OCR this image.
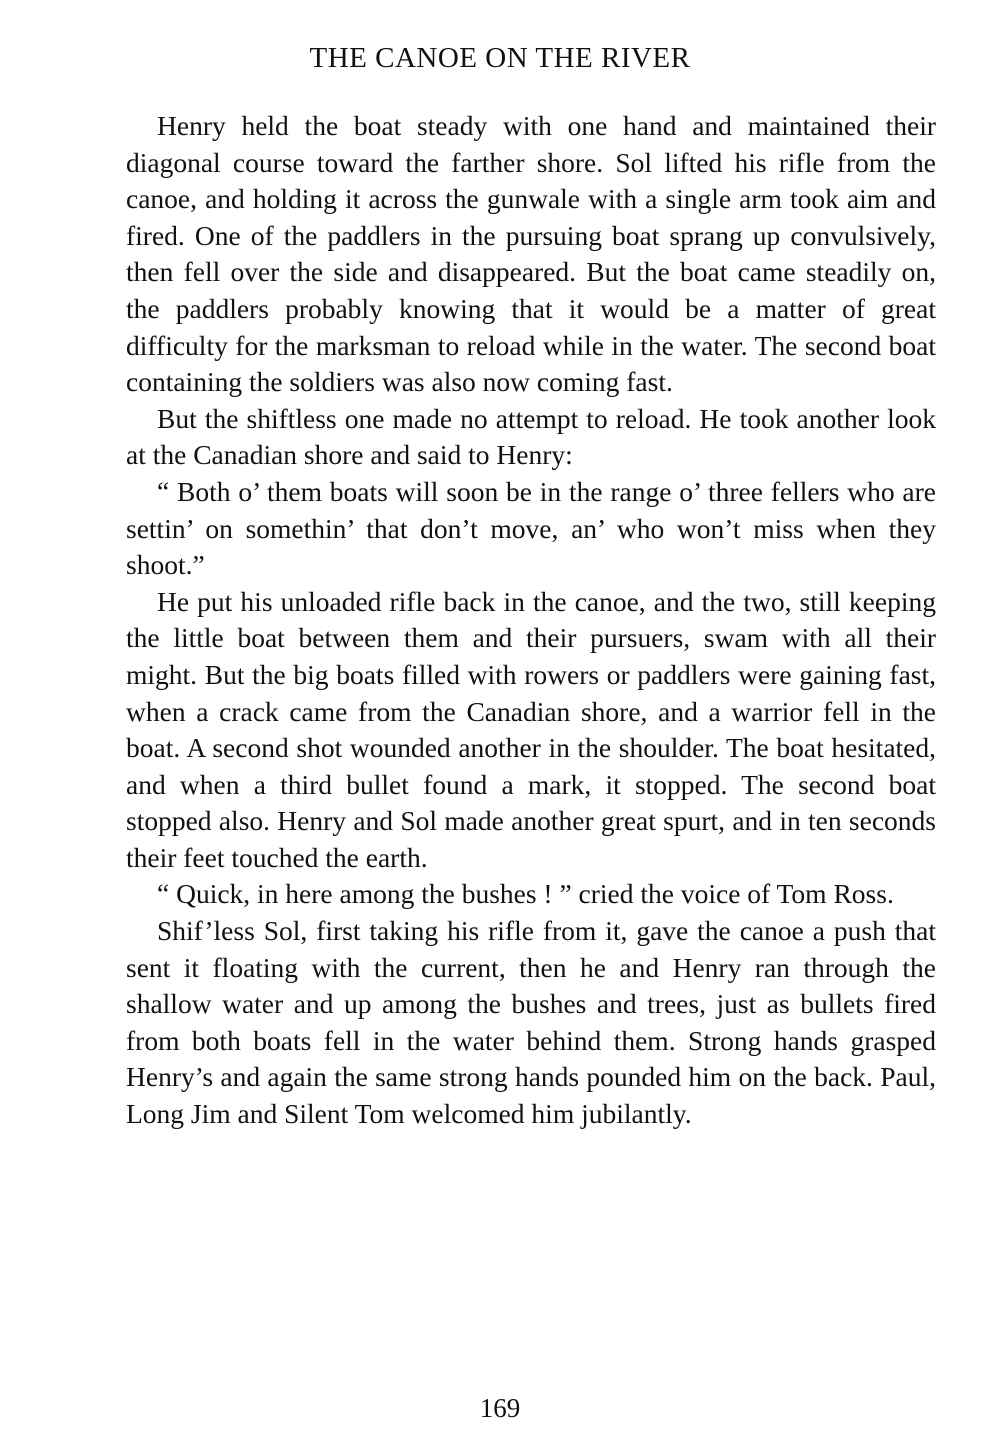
THE CANOE ON THE RIVER

Henry held the boat steady with one hand and maintained their diagonal course toward the farther shore. Sol lifted his rifle from the canoe, and holding it across the gunwale with a single arm took aim and fired. One of the paddlers in the pursuing boat sprang up convulsively, then fell over the side and disappeared. But the boat came steadily on, the paddlers probably knowing that it would be a matter of great difficulty for the marksman to reload while in the water. The second boat containing the soldiers was also now coming fast.

But the shiftless one made no attempt to reload. He took another look at the Canadian shore and said to Henry:

“ Both o’ them boats will soon be in the range o’ three fellers who are settin’ on somethin’ that don’t move, an’ who won’t miss when they shoot.”

He put his unloaded rifle back in the canoe, and the two, still keeping the little boat between them and their pursuers, swam with all their might. But the big boats filled with rowers or paddlers were gaining fast, when a crack came from the Canadian shore, and a warrior fell in the boat. A second shot wounded another in the shoulder. The boat hesitated, and when a third bullet found a mark, it stopped. The second boat stopped also. Henry and Sol made another great spurt, and in ten seconds their feet touched the earth.

“ Quick, in here among the bushes ! ” cried the voice of Tom Ross.

Shif’less Sol, first taking his rifle from it, gave the canoe a push that sent it floating with the current, then he and Henry ran through the shallow water and up among the bushes and trees, just as bullets fired from both boats fell in the water behind them. Strong hands grasped Henry’s and again the same strong hands pounded him on the back. Paul, Long Jim and Silent Tom welcomed him jubilantly.

169
